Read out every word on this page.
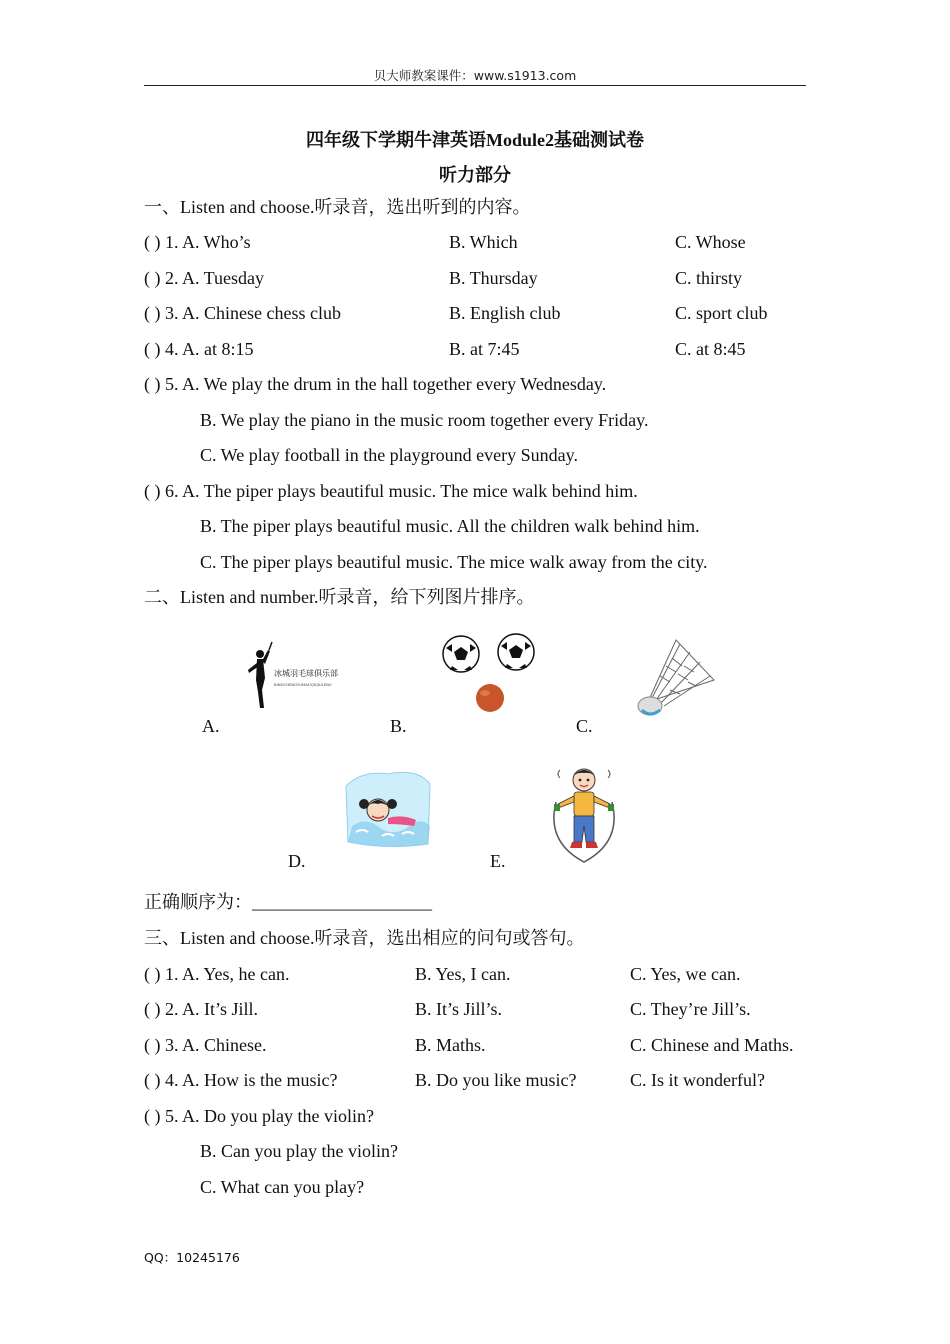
贝大师教案课件：www.s1913.com
四年级下学期牛津英语Module2基础测试卷
听力部分
一、Listen and choose.听录音，选出听到的内容。
( ) 1. A. Who’s	B. Which	C. Whose
( ) 2. A. Tuesday	B. Thursday	C. thirsty
( ) 3. A. Chinese chess club	B. English club	C. sport club
( ) 4. A. at 8:15	B. at 7:45	C. at 8:45
( ) 5. A. We play the drum in the hall together every Wednesday.
B. We play the piano in the music room together every Friday.
C. We play football in the playground every Sunday.
( ) 6. A. The piper plays beautiful music. The mice walk behind him.
B. The piper plays beautiful music. All the children walk behind him.
C. The piper plays beautiful music. The mice walk away from the city.
二、Listen and number.听录音，给下列图片排序。
冰城羽毛球俱乐部
BINGCHENGYUMAOQIUJULEBU
A.	B.	C.
D.	E.
正确顺序为：____________________
三、Listen and choose.听录音，选出相应的问句或答句。
( ) 1. A. Yes, he can.	B. Yes, I can.	C. Yes, we can.
( ) 2. A. It’s Jill.	B. It’s Jill’s.	C. They’re Jill’s.
( ) 3. A. Chinese.	B. Maths.	C. Chinese and Maths.
( ) 4. A. How is the music?	B. Do you like music?	C. Is it wonderful?
( ) 5. A. Do you play the violin?
B. Can you play the violin?
C. What can you play?
QQ：10245176
